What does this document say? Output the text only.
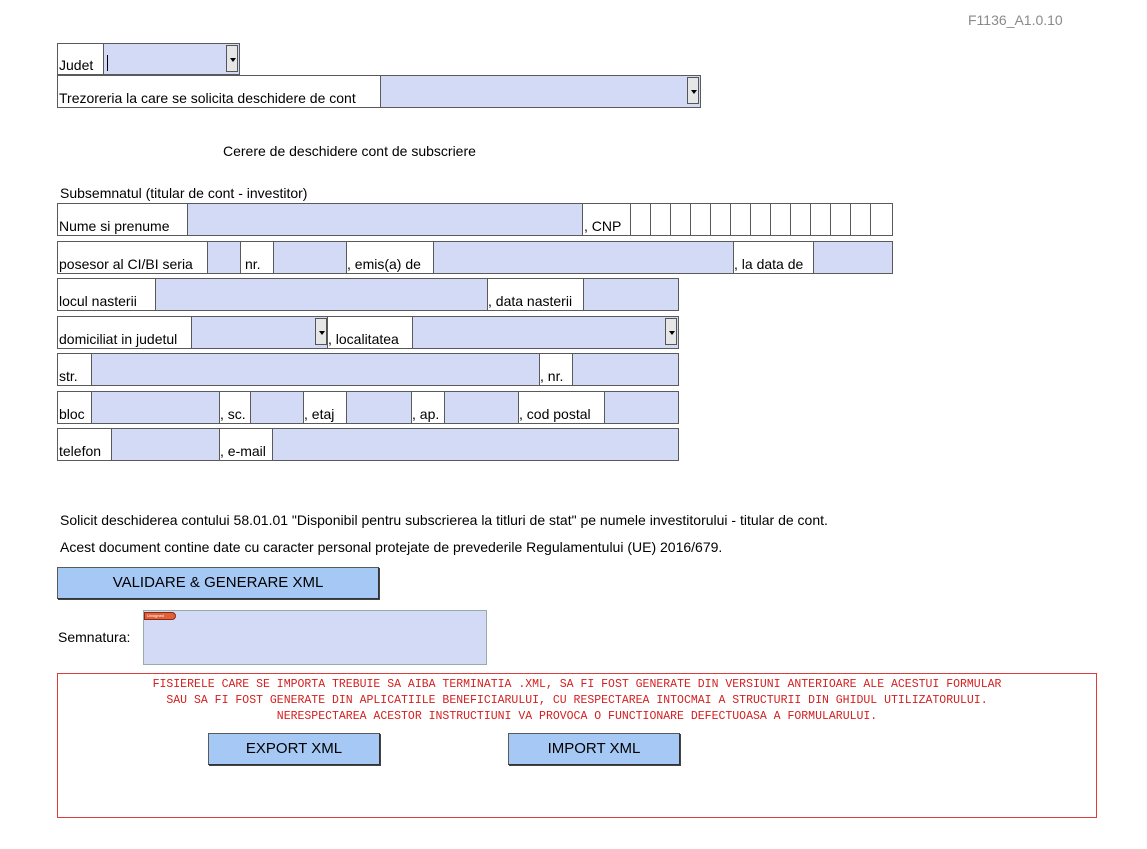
F1136_A1.0.10
Judet
Trezoreria la care se solicita deschidere de cont
Cerere de deschidere cont de subscriere
Subsemnatul (titular de cont - investitor)
Nume si prenume	, CNP
posesor al CI/BI seria	nr.	, emis(a) de	, la data de
locul nasterii	, data nasterii
domiciliat in judetul	, localitatea
str.	, nr.
bloc	, sc.	, etaj	, ap.	, cod postal
telefon	, e-mail
Solicit deschiderea contului 58.01.01 "Disponibil pentru subscrierea la titluri de stat" pe numele investitorului - titular de cont.
Acest document contine date cu caracter personal protejate de prevederile Regulamentului (UE) 2016/679.
VALIDARE & GENERARE XML
Semnatura:
Unsigned
FISIERELE CARE SE IMPORTA TREBUIE SA AIBA TERMINATIA .XML, SA FI FOST GENERATE DIN VERSIUNI ANTERIOARE ALE ACESTUI FORMULAR
SAU SA FI FOST GENERATE DIN APLICATIILE BENEFICIARULUI, CU RESPECTAREA INTOCMAI A STRUCTURII DIN GHIDUL UTILIZATORULUI.
NERESPECTAREA ACESTOR INSTRUCTIUNI VA PROVOCA O FUNCTIONARE DEFECTUOASA A FORMULARULUI.
EXPORT XML	IMPORT XML
